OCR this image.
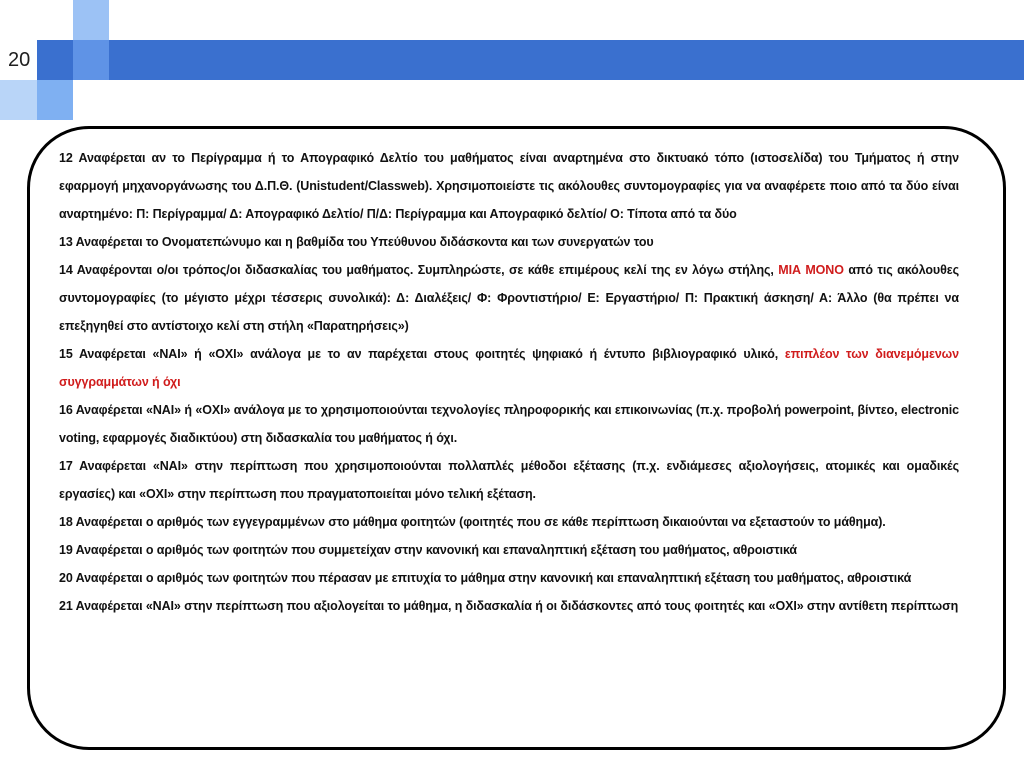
20

12 Αναφέρεται αν το Περίγραμμα ή το Απογραφικό Δελτίο του μαθήματος είναι αναρτημένα στο δικτυακό τόπο (ιστοσελίδα) του Τμήματος ή στην εφαρμογή μηχανοργάνωσης του Δ.Π.Θ. (Unistudent/Classweb). Χρησιμοποιείστε τις ακόλουθες συντομογραφίες για να αναφέρετε ποιο από τα δύο είναι αναρτημένο: Π: Περίγραμμα/ Δ: Απογραφικό Δελτίο/ Π/Δ: Περίγραμμα και Απογραφικό δελτίο/ Ο: Τίποτα από τα δύο

13 Αναφέρεται το Ονοματεπώνυμο και η βαθμίδα του Υπεύθυνου διδάσκοντα και των συνεργατών του

14 Αναφέρονται ο/οι τρόπος/οι διδασκαλίας του μαθήματος. Συμπληρώστε, σε κάθε επιμέρους κελί της εν λόγω στήλης, ΜΙΑ ΜΟΝΟ από τις ακόλουθες συντομογραφίες (το μέγιστο μέχρι τέσσερις συνολικά): Δ: Διαλέξεις/ Φ: Φροντιστήριο/ Ε: Εργαστήριο/ Π: Πρακτική άσκηση/ Α: Άλλο (θα πρέπει να επεξηγηθεί στο αντίστοιχο κελί στη στήλη «Παρατηρήσεις»)

15 Αναφέρεται «ΝΑΙ» ή «ΟΧΙ» ανάλογα με το αν παρέχεται στους φοιτητές ψηφιακό ή έντυπο βιβλιογραφικό υλικό, επιπλέον των διανεμόμενων συγγραμμάτων ή όχι

16 Αναφέρεται «ΝΑΙ» ή «ΟΧΙ» ανάλογα με το χρησιμοποιούνται τεχνολογίες πληροφορικής και επικοινωνίας (π.χ. προβολή powerpoint, βίντεο, electronic voting, εφαρμογές διαδικτύου) στη διδασκαλία του μαθήματος ή όχι.

17 Αναφέρεται «ΝΑΙ» στην περίπτωση που χρησιμοποιούνται πολλαπλές μέθοδοι εξέτασης (π.χ. ενδιάμεσες αξιολογήσεις, ατομικές και ομαδικές εργασίες) και «ΟΧΙ» στην περίπτωση που πραγματοποιείται μόνο τελική εξέταση.

18 Αναφέρεται ο αριθμός των εγγεγραμμένων στο μάθημα φοιτητών (φοιτητές που σε κάθε περίπτωση δικαιούνται να εξεταστούν το μάθημα).

19 Αναφέρεται ο αριθμός των φοιτητών που συμμετείχαν στην κανονική και επαναληπτική εξέταση του μαθήματος, αθροιστικά

20 Αναφέρεται ο αριθμός των φοιτητών που πέρασαν με επιτυχία το μάθημα στην κανονική και επαναληπτική εξέταση του μαθήματος, αθροιστικά

21 Αναφέρεται «ΝΑΙ» στην περίπτωση που αξιολογείται το μάθημα, η διδασκαλία ή οι διδάσκοντες από τους φοιτητές και «ΟΧΙ» στην αντίθετη περίπτωση
